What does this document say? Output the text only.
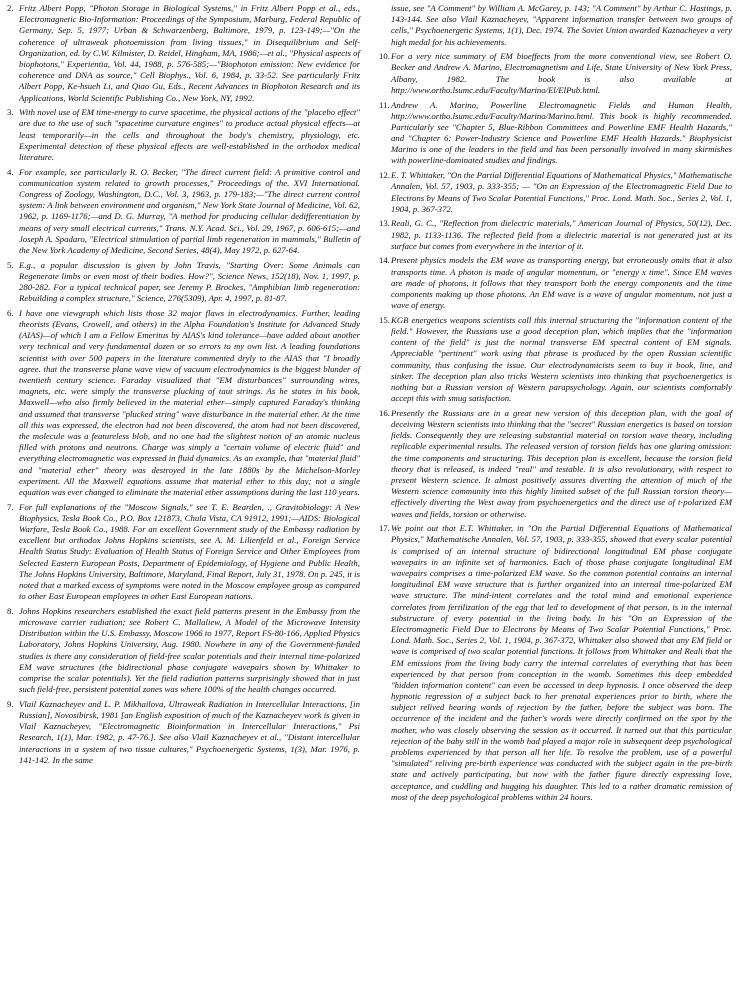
2. Fritz Albert Popp, "Photon Storage in Biological Systems," in Fritz Albert Popp et al., eds., Electromagnetic Bio-Information: Proceedings of the Symposium, Marburg, Federal Republic of Germany, Sep. 5, 1977; Urban & Schwarzenberg, Baltimore, 1979, p. 123-149;—"On the coherence of ultraweak photoemission from living tissues," in Disequilibrium and Self-Organization, ed. by C.W. Kilmister, D. Reidel, Hingham, MA, 1986;—et al., "Physical aspects of biophotons," Experientia, Vol. 44, 1988, p. 576-585;—"Biophoton emission: New evidence for coherence and DNA as source," Cell Biophys., Vol. 6, 1984, p. 33-52. See particularly Fritz Albert Popp, Ke-hsueh Li, and Qiao Gu, Eds., Recent Advances in Biophoton Research and its Applications, World Scientific Publishing Co., New York, NY, 1992.
3. With novel use of EM time-energy to curve spacetime, the physical actions of the "placebo effect" are due to the use of such "spacetime curvature engines" to produce actual physical effects—at least temporarily—in the cells and throughout the body's chemistry, physiology, etc. Experimental detection of these physical effects are well-established in the orthodox medical literature.
4. For example, see particularly R. O. Becker, "The direct current field: A primitive control and communication system related to growth processes," Proceedings of the. XVI International. Congress of Zoology, Washington, D.C., Vol. 3, 1963, p. 179-183;—"The direct current control system: A link between environment and organism," New York State Journal of Medicine, Vol. 62, 1962, p. 1169-1176;—and D. G. Murray, "A method for producing cellular dedifferentiation by means of very small electrical currents," Trans. N.Y. Acad. Sci., Vol. 29, 1967, p. 606-615;—and Joseph A. Spadaro, "Electrical stimulation of partial limb regeneration in mammals," Bulletin of the New York Academy of Medicine, Second Series, 48(4), May 1972, p. 627-64.
5. E.g., a popular discussion is given by John Travis, "Starting Over: Some Animals can Regenerate limbs or even most of their bodies. How?", Science News, 152(18), Nov. 1, 1997, p. 280-282. For a typical technical paper, see Jeremy P. Brockes, "Amphibian limb regeneration: Rebuilding a complex structure," Science, 276(5309), Apr. 4, 1997, p. 81-87.
6. I have one viewgraph which lists those 32 major flaws in electrodynamics. Further, leading theorists (Evans, Crowell, and others) in the Alpha Foundation's Institute for Advanced Study (AIAS)—of which I am a Fellow Emeritus by AIAS's kind tolerance—have added about another very technical and very fundamental dozen or so errors to my own list. A leading foundations scientist with over 500 papers in the literature commented dryly to the AIAS that "I broadly agree. that the transverse plane wave view of vacuum electrodynamics is the biggest blunder of twentieth century science. Faraday visualized that "EM disturbances" surrounding wires, magnets, etc. were simply the transverse plucking of taut strings. As he states in his book, Maxwell—who also firmly believed in the material ether—simply captured Faraday's thinking and assumed that transverse "plucked string" wave disturbance in the material ether. At the time all this was expressed, the electron had not been discovered, the atom had not been discovered, the molecule was a featureless blob, and no one had the slightest notion of an atomic nucleus filled with protons and neutrons. Charge was simply a "certain volume of electric fluid" and everything electromagnetic was expressed in fluid dynamics. As an example, that "material fluid" and "material ether" theory was destroyed in the late 1880s by the Michelson-Morley experiment. All the Maxwell equations assume that material ether to this day; not a single equation was ever changed to eliminate the material ether assumptions during the last 110 years.
7. For full explanations of the "Moscow Signals," see T. E. Bearden, ., Gravitobiology: A New Biophysics, Tesla Book Co., P.O. Box 121873, Chula Vista, CA 91912, 1991;—AIDS: Biological Warfare, Tesla Book Co., 1988. For an excellent Government study of the Embassy radiation by excellent but orthodox Johns Hopkins scientists, see A. M. Lilienfeld et al., Foreign Service Health Status Study: Evaluation of Health Status of Foreign Service and Other Employees from Selected Eastern European Posts, Department of Epidemiology, of Hygiene and Public Health, The Johns Hopkins University, Baltimore, Maryland, Final Report, July 31, 1978. On p. 245, it is noted that a marked excess of symptoms were noted in the Moscow employee group as compared to other East European employees in other East European nations.
8. Johns Hopkins researchers established the exact field patterns present in the Embassy from the microwave carrier radiation; see Robert C. Mallaliew, A Model of the Microwave Intensity Distribution within the U.S. Embassy, Moscow 1966 to 1977, Report FS-80-166, Applied Physics Laboratory, Johns Hopkins University, Aug. 1980. Nowhere in any of the Government-funded studies is there any consideration of field-free scalar potentials and their internal time-polarized EM wave structures (the bidirectional phase conjugate wavepairs shown by Whittaker to comprise the scalar potentials). Yet the field radiation patterns surprisingly showed that in just such field-free, persistent potential zones was where 100% of the health changes occurred.
9. Vlail Kaznacheyev and L. P. Mikhailova, Ultraweak Radiation in Intercellular Interactions, [in Russian], Novosibirsk, 1981 [an English exposition of much of the Kaznacheyev work is given in Vlail Kaznacheyev, "Electromagnetic Bioinformation in Intercellular Interactions," Psi Research, 1(1), Mar. 1982, p. 47-76.]. See also Vlail Kaznacheyev et al., "Distant intercellular interactions in a system of two tissue cultures," Psychoenergetic Systems, 1(3), Mar. 1976, p. 141-142. In the same
issue, see "A Comment" by William A. McGarey, p. 143; "A Comment" by Arthur C. Hastings, p. 143-144. See also Vlail Kaznacheyev, "Apparent information transfer between two groups of cells," Psychoenergetic Systems, 1(1), Dec. 1974. The Soviet Union awarded Kaznacheyev a very high medal for his achievements.
10. For a very nice summary of EM bioeffects from the more conventional view, see Robert O. Becker and Andrew A. Marino, Electromagnetism and Life, State University of New York Press, Albany, 1982. The book is also available at http://www.ortho.lsumc.edu/Faculty/Marino/El/ElPub.html.
11. Andrew A. Marino, Powerline Electromagnetic Fields and Human Health, http://www.ortho.lsumc.edu/Faculty/Marino/Marino.html. This book is highly recommended. Particularly see "Chapter 5, Blue-Ribbon Committees and Powerline EMF Health Hazards," and "Chapter 6: Power-Industry Science and Powerline EMF Health Hazards." Biophysicist Marino is one of the leaders in the field and has been personally involved in many skirmishes with powerline-dominated studies and findings.
12. E. T. Whittaker, "On the Partial Differential Equations of Mathematical Physics," Mathematische Annalen, Vol. 57, 1903, p. 333-355; — "On an Expression of the Electromagnetic Field Due to Electrons by Means of Two Scalar Potential Functions," Proc. Lond. Math. Soc., Series 2, Vol. 1, 1904, p. 367-372.
13. Reali, G. C., "Reflection from dielectric materials," American Journal of Physics, 50(12), Dec. 1982, p. 1133-1136. The reflected field from a dielectric material is not generated just at its surface but comes from everywhere in the interior of it.
14. Present physics models the EM wave as transporting energy, but erroneously omits that it also transports time. A photon is made of angular momentum, or "energy x time". Since EM waves are made of photons, it follows that they transport both the energy components and the time components making up those photons. An EM wave is a wave of angular momentum, not just a wave of energy.
15. KGB energetics weapons scientists call this internal structuring the "information content of the field." However, the Russians use a good deception plan, which implies that the "information content of the field" is just the normal transverse EM spectral content of EM signals. Appreciable "pertinent" work using that phrase is produced by the open Russian scientific community, thus confusing the issue. Our electrodynamicists seem to buy it book, line, and sinker. The deception plan also tricks Western scientists into thinking that psychoenergetics is nothing but a Russian version of Western parapsychology. Again, our scientists comfortably accept this with smug satisfaction.
16. Presently the Russians are in a great new version of this deception plan, with the goal of deceiving Western scientists into thinking that the "secret" Russian energetics is based on torsion fields. Consequently they are releasing substantial material on torsion wave theory, including replicable experimental results. The released version of torsion fields has one glaring omission: the time components and structuring. This deception plan is excellent, because the torsion field theory that is released, is indeed "real" and testable. It is also revolutionary, with respect to present Western science. It almost positively assures diverting the attention of much of the Western science community into this highly limited subset of the full Russian torsion theory—effectively diverting the West away from psychoenergetics and the direct use of t-polarized EM waves and fields, torsion or otherwise.
17. We point out that E.T. Whittaker, in "On the Partial Differential Equations of Mathematical Physics," Mathematische Annalen, Vol. 57, 1903, p. 333-355, showed that every scalar potential is comprised of an internal structure of bidirectional longitudinal EM phase conjugate wavepairs in an infinite set of harmonics. Each of those phase conjugate longitudinal EM wavepairs comprises a time-polarized EM wave. So the common potential contains an internal longitudinal EM wave structure that is further organized into an internal time-polarized EM wave structure. The mind-intent correlates and the total mind and emotional experience correlates from fertilization of the egg that led to development of that person, is in the internal substructure of every potential in the living body. In his "On an Expression of the Electromagnetic Field Due to Electrons by Means of Two Scalar Potential Functions," Proc. Lond. Math. Soc., Series 2, Vol. 1, 1904, p. 367-372, Whittaker also showed that any EM field or wave is comprised of two scalar potential functions. It follows from Whittaker and Reali that the EM emissions from the living body carry the internal correlates of everything that has been experienced by that person from conception in the womb. Sometimes this deep embedded "hidden information content" can even be accessed in deep hypnosis. I once observed the deep hypnotic regression of a subject back to her prenatal experiences prior to birth, where the subject relived hearing words of rejection by the father, before the subject was born. The occurrence of the incident and the father's words were directly confirmed on the spot by the mother, who was closely observing the session as it occurred. It turned out that this particular rejection of the baby still in the womb had played a major role in subsequent deep psychological problems experienced by that person all her life. To resolve the problem, use of a powerful "simulated" reliving pre-birth experience was conducted with the subject again in the pre-birth state and actively participating, but now with the father figure directly expressing love, acceptance, and cuddling and hugging his daughter. This led to a rather dramatic remission of most of the deep psychological problems within 24 hours.
